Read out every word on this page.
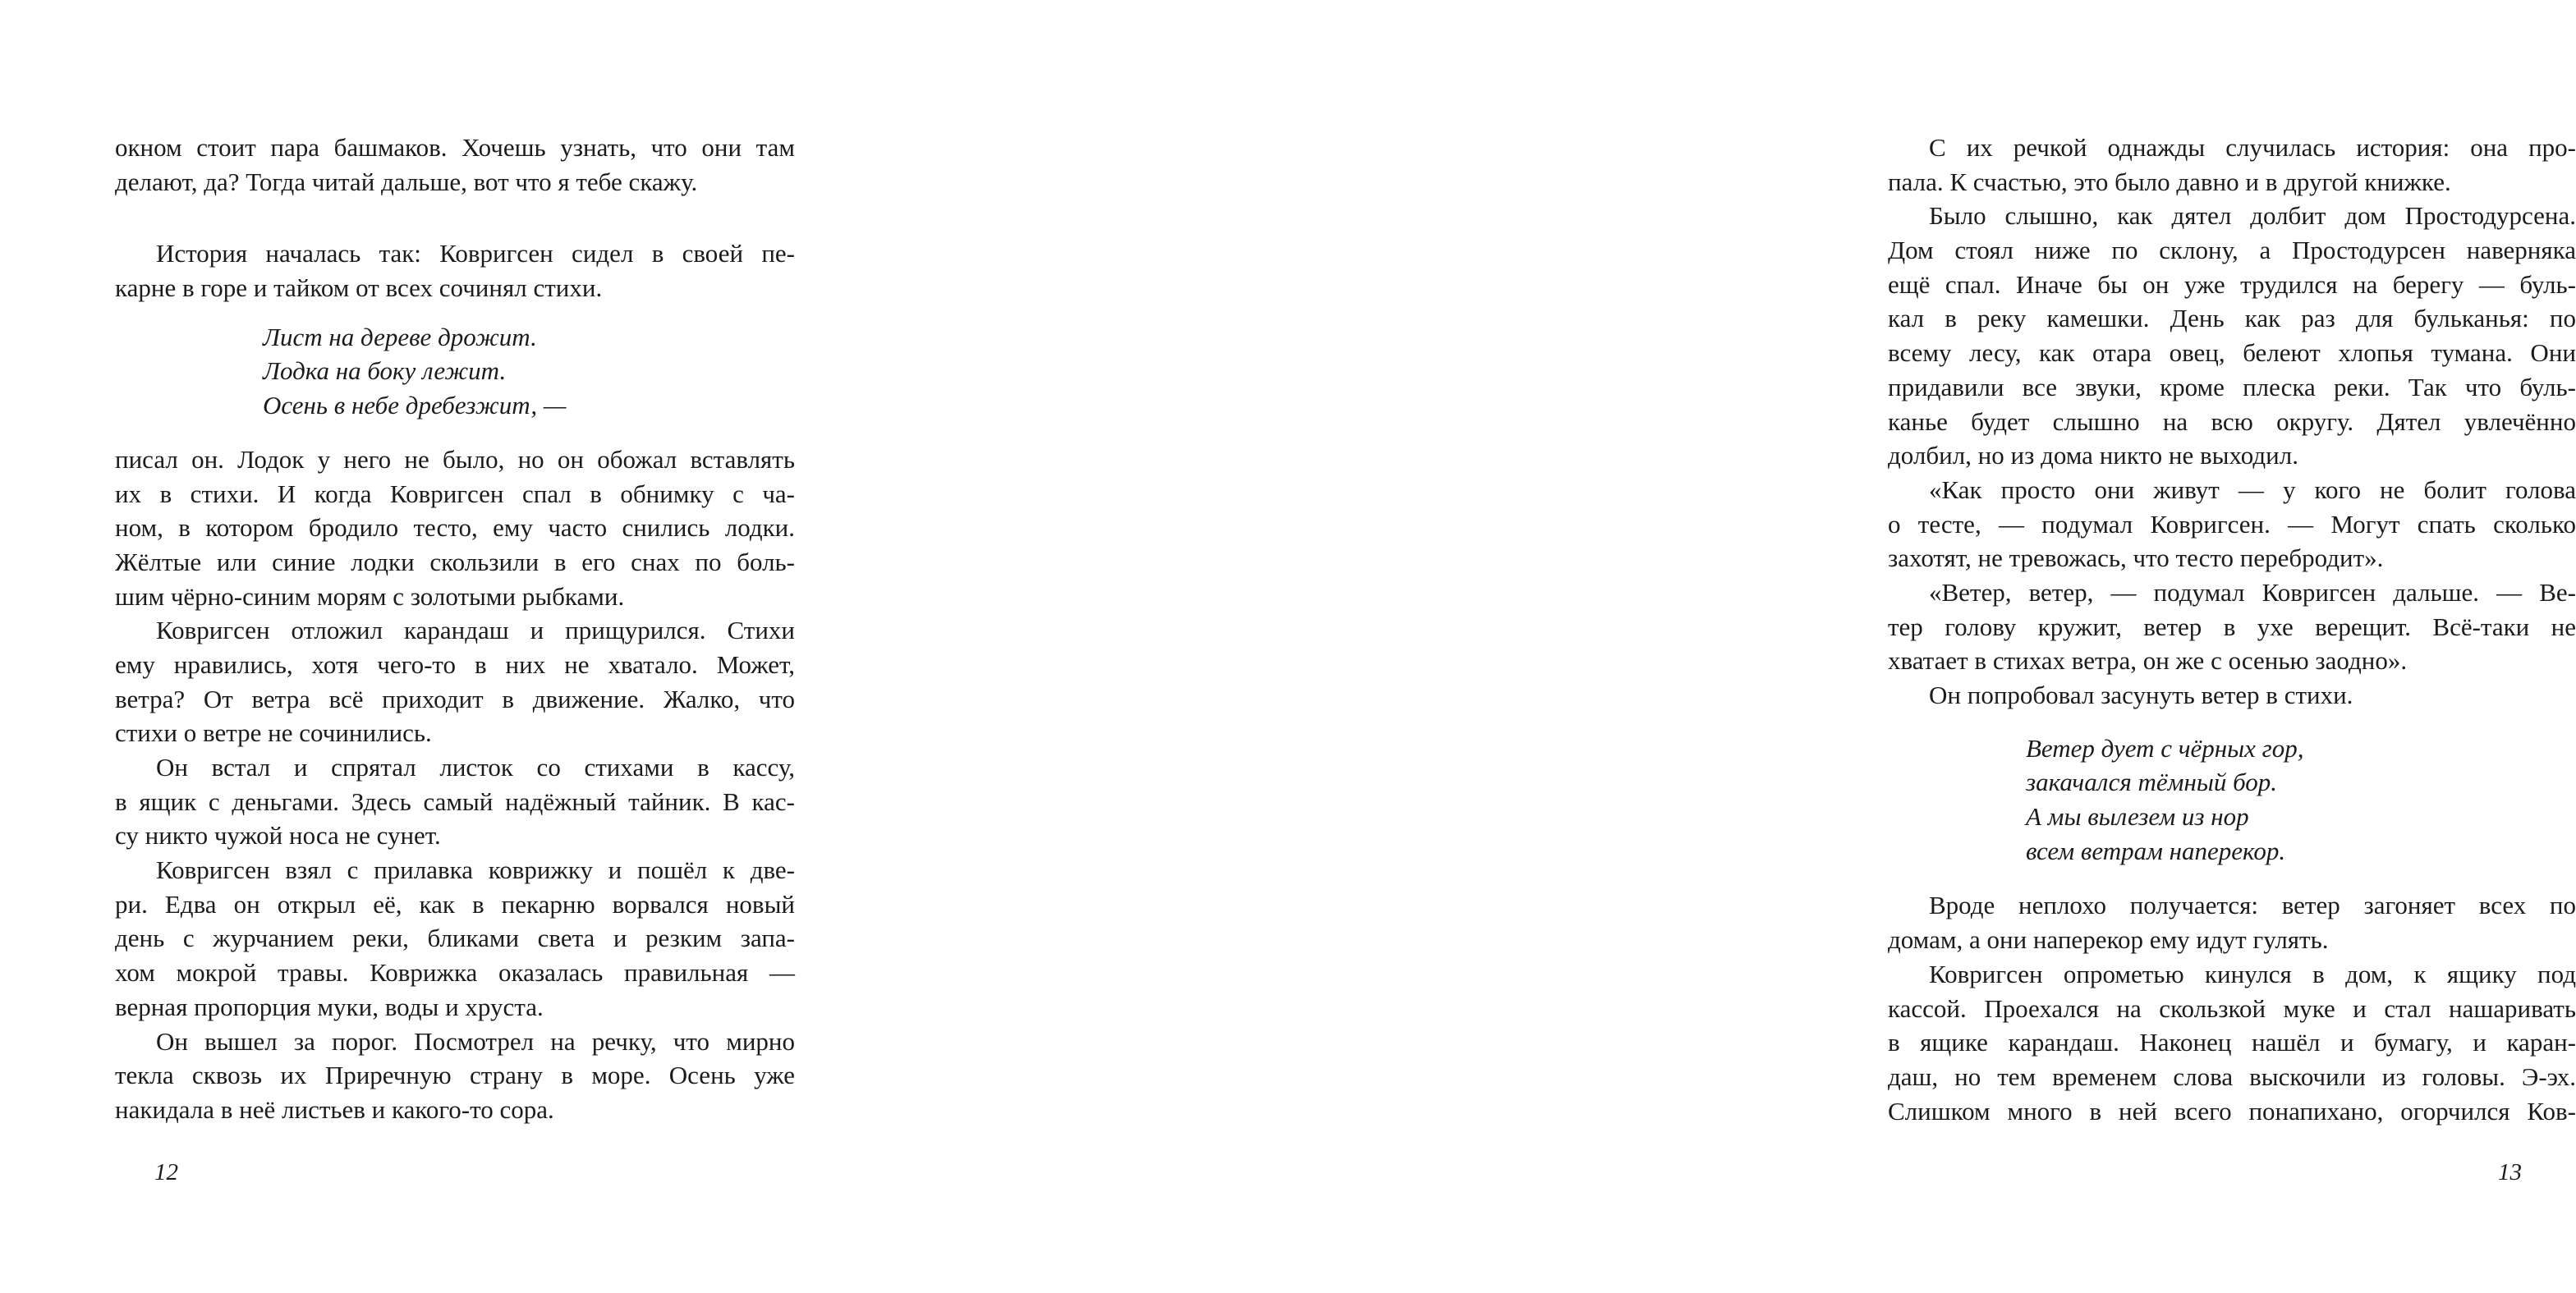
окном стоит пара башмаков. Хочешь узнать, что они там
делают, да? Тогда читай дальше, вот что я тебе скажу.
История началась так: Ковригсен сидел в своей пе-
карне в горе и тайком от всех сочинял стихи.
Лист на дереве дрожит.
Лодка на боку лежит.
Осень в небе дребезжит, —
писал он. Лодок у него не было, но он обожал вставлять
их в стихи. И когда Ковригсен спал в обнимку с ча-
ном, в котором бродило тесто, ему часто снились лодки.
Жёлтые или синие лодки скользили в его снах по боль-
шим чёрно-синим морям с золотыми рыбками.
Ковригсен отложил карандаш и прищурился. Стихи
ему нравились, хотя чего-то в них не хватало. Может,
ветра? От ветра всё приходит в движение. Жалко, что
стихи о ветре не сочинились.
Он встал и спрятал листок со стихами в кассу,
в ящик с деньгами. Здесь самый надёжный тайник. В кас-
су никто чужой носа не сунет.
Ковригсен взял с прилавка коврижку и пошёл к две-
ри. Едва он открыл её, как в пекарню ворвался новый
день с журчанием реки, бликами света и резким запа-
хом мокрой травы. Коврижка оказалась правильная —
верная пропорция муки, воды и хруста.
Он вышел за порог. Посмотрел на речку, что мирно
текла сквозь их Приречную страну в море. Осень уже
накидала в неё листьев и какого-то сора.
12
С их речкой однажды случилась история: она про-
пала. К счастью, это было давно и в другой книжке.
Было слышно, как дятел долбит дом Простодурсена.
Дом стоял ниже по склону, а Простодурсен наверняка
ещё спал. Иначе бы он уже трудился на берегу — буль-
кал в реку камешки. День как раз для бульканья: по
всему лесу, как отара овец, белеют хлопья тумана. Они
придавили все звуки, кроме плеска реки. Так что буль-
канье будет слышно на всю округу. Дятел увлечённо
долбил, но из дома никто не выходил.
«Как просто они живут — у кого не болит голова
о тесте, — подумал Ковригсен. — Могут спать сколько
захотят, не тревожась, что тесто перебродит».
«Ветер, ветер, — подумал Ковригсен дальше. — Ве-
тер голову кружит, ветер в ухе верещит. Всё-таки не
хватает в стихах ветра, он же с осенью заодно».
Он попробовал засунуть ветер в стихи.
Ветер дует с чёрных гор,
закачался тёмный бор.
А мы вылезем из нор
всем ветрам наперекор.
Вроде неплохо получается: ветер загоняет всех по
домам, а они наперекор ему идут гулять.
Ковригсен опрометью кинулся в дом, к ящику под
кассой. Проехался на скользкой муке и стал нашаривать
в ящике карандаш. Наконец нашёл и бумагу, и каран-
даш, но тем временем слова выскочили из головы. Э-эх.
Слишком много в ней всего понапихано, огорчился Ков-
13
